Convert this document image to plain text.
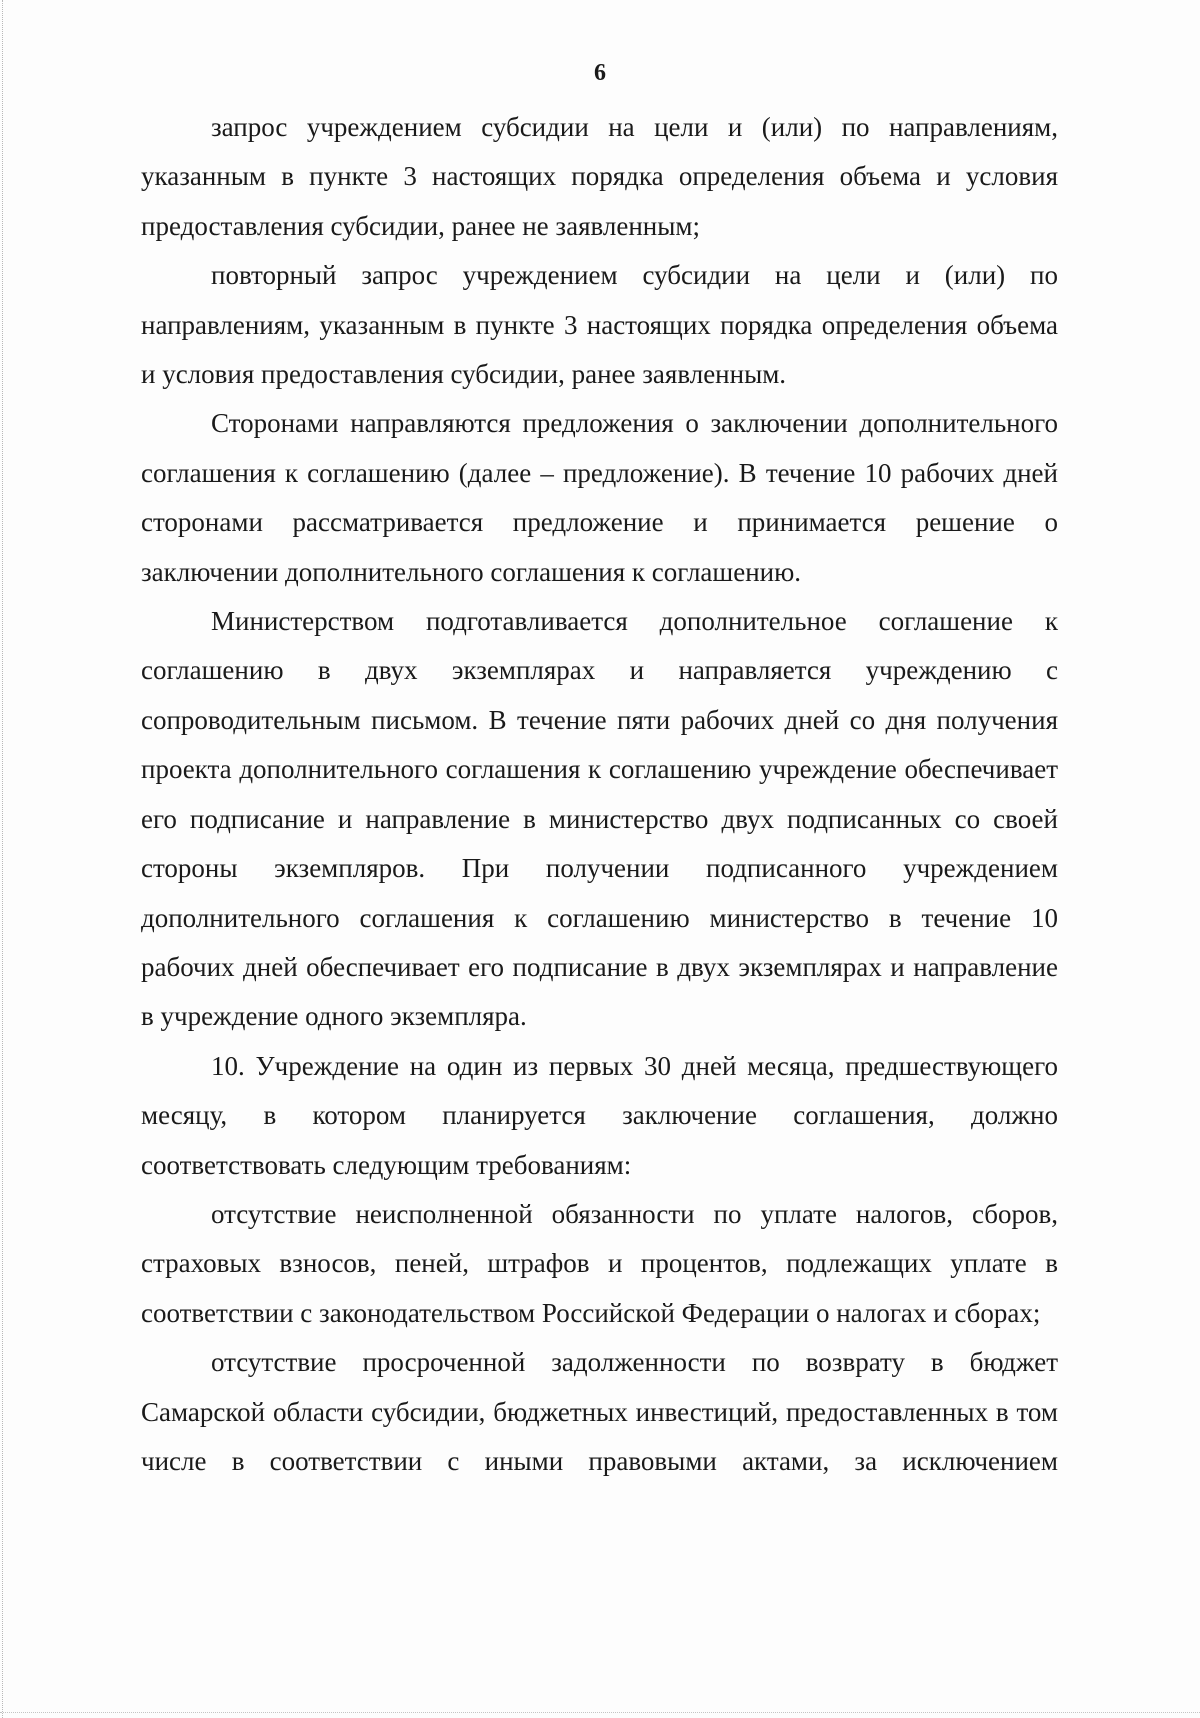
6

запрос учреждением субсидии на цели и (или) по направлениям, указанным в пункте 3 настоящих порядка определения объема и условия предоставления субсидии, ранее не заявленным;

повторный запрос учреждением субсидии на цели и (или) по направлениям, указанным в пункте 3 настоящих порядка определения объема и условия предоставления субсидии, ранее заявленным.

Сторонами направляются предложения о заключении дополнительного соглашения к соглашению (далее – предложение). В течение 10 рабочих дней сторонами рассматривается предложение и принимается решение о заключении дополнительного соглашения к соглашению.

Министерством подготавливается дополнительное соглашение к соглашению в двух экземплярах и направляется учреждению с сопроводительным письмом. В течение пяти рабочих дней со дня получения проекта дополнительного соглашения к соглашению учреждение обеспечивает его подписание и направление в министерство двух подписанных со своей стороны экземпляров. При получении подписанного учреждением дополнительного соглашения к соглашению министерство в течение 10 рабочих дней обеспечивает его подписание в двух экземплярах и направление в учреждение одного экземпляра.

10. Учреждение на один из первых 30 дней месяца, предшествующего месяцу, в котором планируется заключение соглашения, должно соответствовать следующим требованиям:

отсутствие неисполненной обязанности по уплате налогов, сборов, страховых взносов, пеней, штрафов и процентов, подлежащих уплате в соответствии с законодательством Российской Федерации о налогах и сборах;

отсутствие просроченной задолженности по возврату в бюджет Самарской области субсидии, бюджетных инвестиций, предоставленных в том числе в соответствии с иными правовыми актами, за исключением
